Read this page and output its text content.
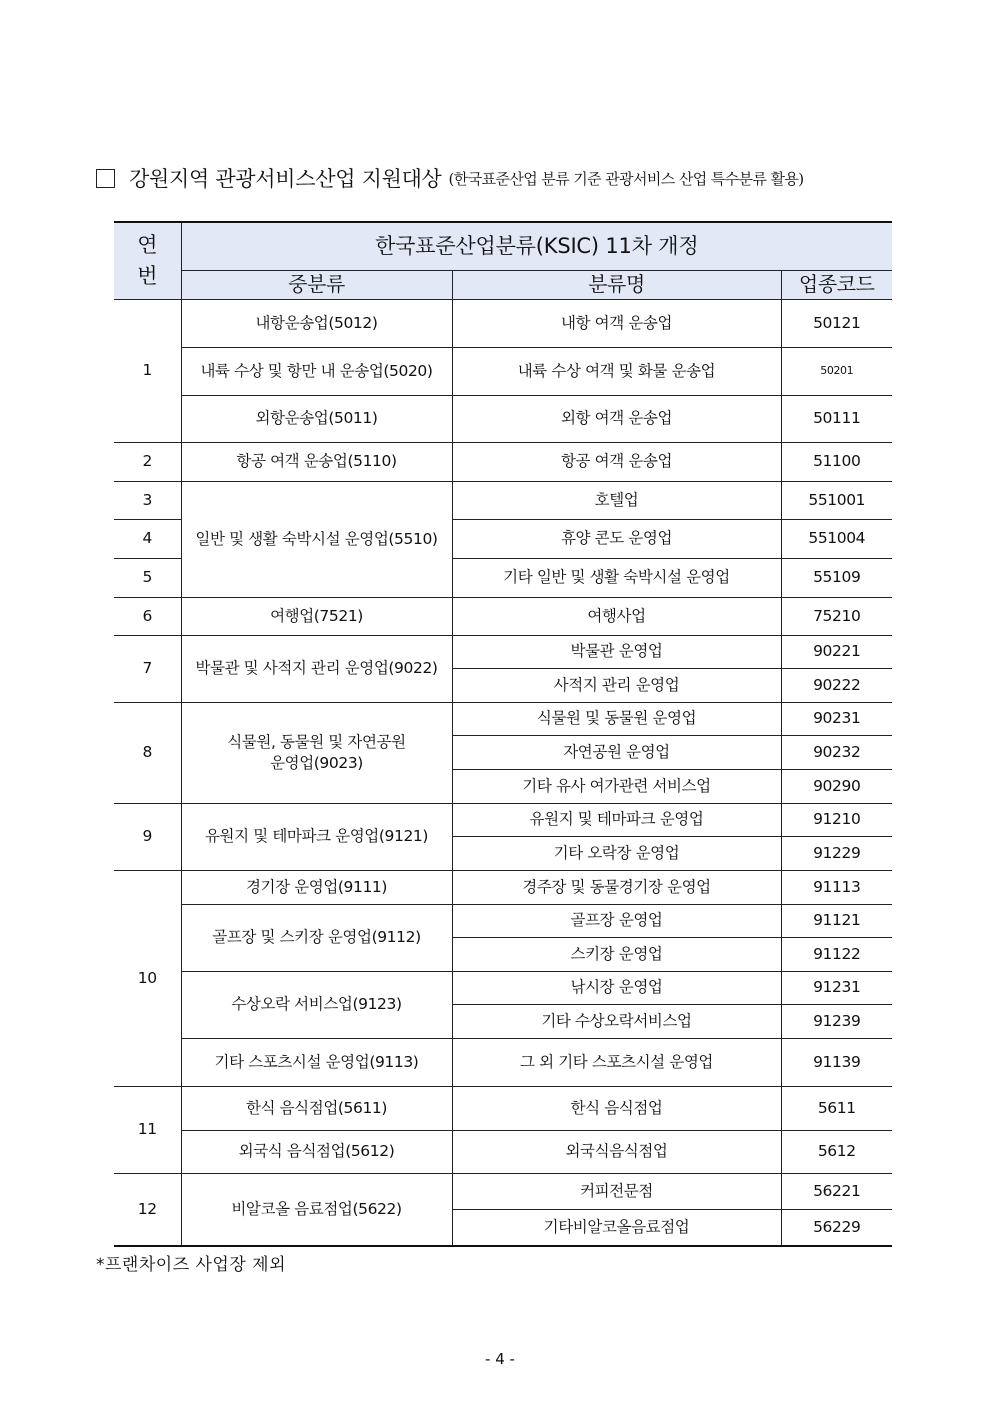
강원지역 관광서비스산업 지원대상 (한국표준산업 분류 기준 관광서비스 산업 특수분류 활용)
연
번	한국표준산업분류(KSIC) 11차 개정		
	중분류	분류명	업종코드
1	내항운송업(5012)	내항 여객 운송업	50121
	내륙 수상 및 항만 내 운송업(5020)	내륙 수상 여객 및 화물 운송업	50201
	외항운송업(5011)	외항 여객 운송업	50111
2	항공 여객 운송업(5110)	항공 여객 운송업	51100
3	일반 및 생활 숙박시설 운영업(5510)	호텔업	551001
4		휴양 콘도 운영업	551004
5		기타 일반 및 생활 숙박시설 운영업	55109
6	여행업(7521)	여행사업	75210
7	박물관 및 사적지 관리 운영업(9022)	박물관 운영업	90221
		사적지 관리 운영업	90222
8	식물원, 동물원 및 자연공원
운영업(9023)	식물원 및 동물원 운영업	90231
		자연공원 운영업	90232
		기타 유사 여가관련 서비스업	90290
9	유원지 및 테마파크 운영업(9121)	유원지 및 테마파크 운영업	91210
		기타 오락장 운영업	91229
10	경기장 운영업(9111)	경주장 및 동물경기장 운영업	91113
	골프장 및 스키장 운영업(9112)	골프장 운영업	91121
		스키장 운영업	91122
	수상오락 서비스업(9123)	낚시장 운영업	91231
		기타 수상오락서비스업	91239
	기타 스포츠시설 운영업(9113)	그 외 기타 스포츠시설 운영업	91139
11	한식 음식점업(5611)	한식 음식점업	5611
	외국식 음식점업(5612)	외국식음식점업	5612
12	비알코올 음료점업(5622)	커피전문점	56221
		기타비알코올음료점업	56229
*프랜차이즈 사업장 제외
- 4 -
